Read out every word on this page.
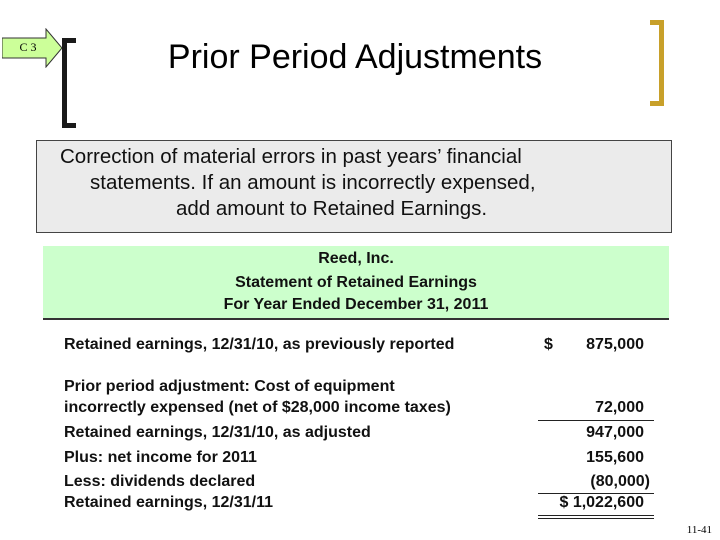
C 3	Prior Period Adjustments
Correction of material errors in past years’ financial
statements. If an amount is incorrectly expensed,
add amount to Retained Earnings.
Reed, Inc.
Statement of Retained Earnings
For Year Ended December 31, 2011
Retained earnings, 12/31/10, as previously reported	$ 875,000
Prior period adjustment: Cost of equipment
incorrectly expensed (net of $28,000 income taxes)	72,000
Retained earnings, 12/31/10, as adjusted	947,000
Plus: net income for 2011	155,600
Less: dividends declared	(80,000)
Retained earnings, 12/31/11	$ 1,022,600
11-41
